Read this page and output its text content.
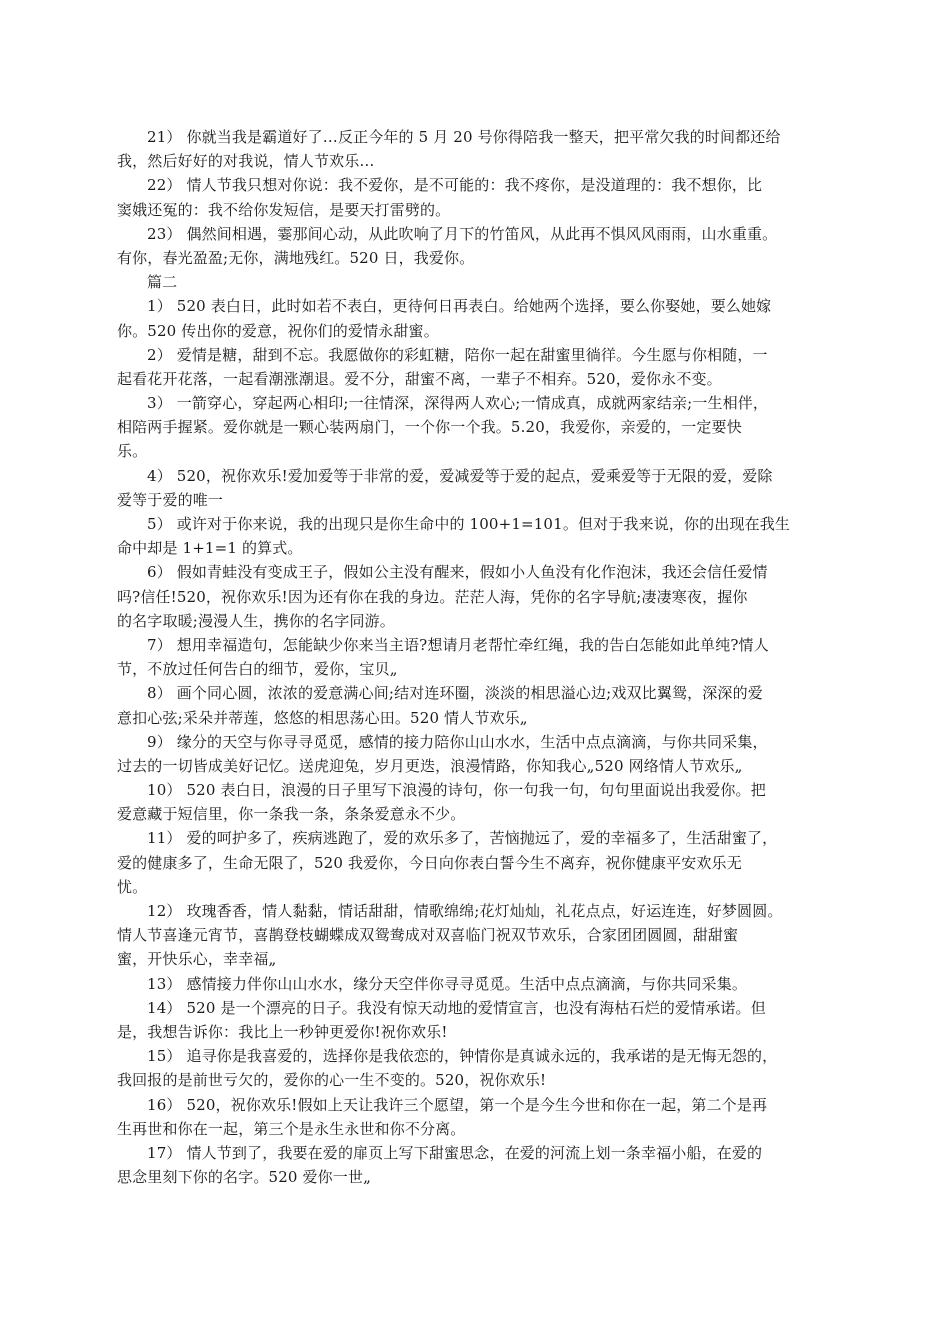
21） 你就当我是霸道好了…反正今年的 5 月 20 号你得陪我一整天，把平常欠我的时间都还给
我，然后好好的对我说，情人节欢乐…
22） 情人节我只想对你说：我不爱你，是不可能的：我不疼你，是没道理的：我不想你，比
窦娥还冤的：我不给你发短信，是要天打雷劈的。
23） 偶然间相遇，霎那间心动，从此吹响了月下的竹笛风，从此再不惧风风雨雨，山水重重。
有你，春光盈盈;无你，满地残红。520 日，我爱你。
篇二
1） 520 表白日，此时如若不表白，更待何日再表白。给她两个选择，要么你娶她，要么她嫁
你。520 传出你的爱意，祝你们的爱情永甜蜜。
2） 爱情是糖，甜到不忘。我愿做你的彩虹糖，陪你一起在甜蜜里徜徉。今生愿与你相随，一
起看花开花落，一起看潮涨潮退。爱不分，甜蜜不离，一辈子不相弃。520，爱你永不变。
3） 一箭穿心，穿起两心相印;一往情深，深得两人欢心;一情成真，成就两家结亲;一生相伴，
相陪两手握紧。爱你就是一颗心装两扇门，一个你一个我。5.20，我爱你，亲爱的，一定要快
乐。
4） 520，祝你欢乐!爱加爱等于非常的爱，爱减爱等于爱的起点，爱乘爱等于无限的爱，爱除
爱等于爱的唯一
5） 或许对于你来说，我的出现只是你生命中的 100+1=101。但对于我来说，你的出现在我生
命中却是 1+1=1 的算式。
6） 假如青蛙没有变成王子，假如公主没有醒来，假如小人鱼没有化作泡沫，我还会信任爱情
吗?信任!520，祝你欢乐!因为还有你在我的身边。茫茫人海，凭你的名字导航;凄凄寒夜，握你
的名字取暖;漫漫人生，携你的名字同游。
7） 想用幸福造句，怎能缺少你来当主语?想请月老帮忙牵红绳，我的告白怎能如此单纯?情人
节，不放过任何告白的细节，爱你，宝贝„
8） 画个同心圆，浓浓的爱意满心间;结对连环圈，淡淡的相思溢心边;戏双比翼鸳，深深的爱
意扣心弦;采朵并蒂莲，悠悠的相思荡心田。520 情人节欢乐„
9） 缘分的天空与你寻寻觅觅，感情的接力陪你山山水水，生活中点点滴滴，与你共同采集，
过去的一切皆成美好记忆。送虎迎兔，岁月更迭，浪漫情路，你知我心„520 网络情人节欢乐„
10） 520 表白日，浪漫的日子里写下浪漫的诗句，你一句我一句，句句里面说出我爱你。把
爱意藏于短信里，你一条我一条，条条爱意永不少。
11） 爱的呵护多了，疾病逃跑了，爱的欢乐多了，苦恼抛远了，爱的幸福多了，生活甜蜜了，
爱的健康多了，生命无限了，520 我爱你，今日向你表白誓今生不离弃，祝你健康平安欢乐无
忧。
12） 玫瑰香香，情人黏黏，情话甜甜，情歌绵绵;花灯灿灿，礼花点点，好运连连，好梦圆圆。
情人节喜逢元宵节，喜鹊登枝蝴蝶成双鸳鸯成对双喜临门祝双节欢乐，合家团团圆圆，甜甜蜜
蜜，开快乐心，幸幸福„
13） 感情接力伴你山山水水，缘分天空伴你寻寻觅觅。生活中点点滴滴，与你共同采集。
14） 520 是一个漂亮的日子。我没有惊天动地的爱情宣言，也没有海枯石烂的爱情承诺。但
是，我想告诉你：我比上一秒钟更爱你!祝你欢乐!
15） 追寻你是我喜爱的，选择你是我依恋的，钟情你是真诚永远的，我承诺的是无悔无怨的，
我回报的是前世亏欠的，爱你的心一生不变的。520，祝你欢乐!
16） 520，祝你欢乐!假如上天让我许三个愿望，第一个是今生今世和你在一起，第二个是再
生再世和你在一起，第三个是永生永世和你不分离。
17） 情人节到了，我要在爱的扉页上写下甜蜜思念，在爱的河流上划一条幸福小船，在爱的
思念里刻下你的名字。520 爱你一世„
